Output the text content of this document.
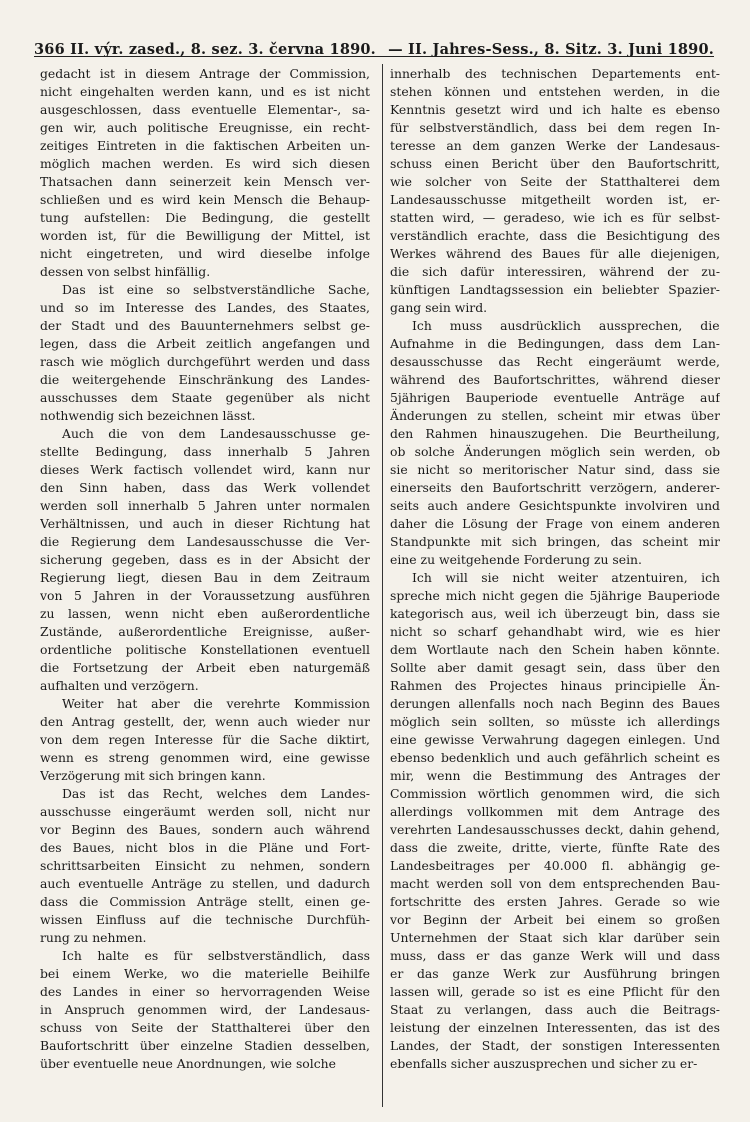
366 II. výr. zased., 8. sez. 3. června 1890. — II. Jahres-Sess., 8. Sitz. 3. Juni 1890.

gedacht ist in diesem Antrage der Commission,
nicht eingehalten werden kann, und es ist nicht
ausgeschlossen, dass eventuelle Elementar-, sa-
gen wir, auch politische Ereugnisse, ein recht-
zeitiges Eintreten in die faktischen Arbeiten un-
möglich machen werden. Es wird sich diesen
Thatsachen dann seinerzeit kein Mensch ver-
schließen und es wird kein Mensch die Behaup-
tung aufstellen: Die Bedingung, die gestellt
worden ist, für die Bewilligung der Mittel, ist
nicht eingetreten, und wird dieselbe infolge
dessen von selbst hinfällig.

Das ist eine so selbstverständliche Sache,
und so im Interesse des Landes, des Staates,
der Stadt und des Bauunternehmers selbst ge-
legen, dass die Arbeit zeitlich angefangen und
rasch wie möglich durchgeführt werden und dass
die weitergehende Einschränkung des Landes-
ausschusses dem Staate gegenüber als nicht
nothwendig sich bezeichnen lässt.

Auch die von dem Landesausschusse ge-
stellte Bedingung, dass innerhalb 5 Jahren
dieses Werk factisch vollendet wird, kann nur
den Sinn haben, dass das Werk vollendet
werden soll innerhalb 5 Jahren unter normalen
Verhältnissen, und auch in dieser Richtung hat
die Regierung dem Landesausschusse die Ver-
sicherung gegeben, dass es in der Absicht der
Regierung liegt, diesen Bau in dem Zeitraum
von 5 Jahren in der Voraussetzung ausführen
zu lassen, wenn nicht eben außerordentliche
Zustände, außerordentliche Ereignisse, außer-
ordentliche politische Konstellationen eventuell
die Fortsetzung der Arbeit eben naturgemäß
aufhalten und verzögern.

Weiter hat aber die verehrte Kommission
den Antrag gestellt, der, wenn auch wieder nur
von dem regen Interesse für die Sache diktirt,
wenn es streng genommen wird, eine gewisse
Verzögerung mit sich bringen kann.

Das ist das Recht, welches dem Landes-
ausschusse eingeräumt werden soll, nicht nur
vor Beginn des Baues, sondern auch während
des Baues, nicht blos in die Pläne und Fort-
schrittsarbeiten Einsicht zu nehmen, sondern
auch eventuelle Anträge zu stellen, und dadurch
dass die Commission Anträge stellt, einen ge-
wissen Einfluss auf die technische Durchfüh-
rung zu nehmen.

Ich halte es für selbstverständlich, dass
bei einem Werke, wo die materielle Beihilfe
des Landes in einer so hervorragenden Weise
in Anspruch genommen wird, der Landesaus-
schuss von Seite der Statthalterei über den
Baufortschritt über einzelne Stadien desselben,
über eventuelle neue Anordnungen, wie solche

innerhalb des technischen Departements ent-
stehen können und entstehen werden, in die
Kenntnis gesetzt wird und ich halte es ebenso
für selbstverständlich, dass bei dem regen In-
teresse an dem ganzen Werke der Landesaus-
schuss einen Bericht über den Baufortschritt,
wie solcher von Seite der Statthalterei dem
Landesausschusse mitgetheilt worden ist, er-
statten wird, — geradeso, wie ich es für selbst-
verständlich erachte, dass die Besichtigung des
Werkes während des Baues für alle diejenigen,
die sich dafür interessiren, während der zu-
künftigen Landtagssession ein beliebter Spazier-
gang sein wird.

Ich muss ausdrücklich aussprechen, die
Aufnahme in die Bedingungen, dass dem Lan-
desausschusse das Recht eingeräumt werde,
während des Baufortschrittes, während dieser
5jährigen Bauperiode eventuelle Anträge auf
Änderungen zu stellen, scheint mir etwas über
den Rahmen hinauszugehen. Die Beurtheilung,
ob solche Änderungen möglich sein werden, ob
sie nicht so meritorischer Natur sind, dass sie
einerseits den Baufortschritt verzögern, anderer-
seits auch andere Gesichtspunkte involviren und
daher die Lösung der Frage von einem anderen
Standpunkte mit sich bringen, das scheint mir
eine zu weitgehende Forderung zu sein.

Ich will sie nicht weiter atzentuiren, ich
spreche mich nicht gegen die 5jährige Bauperiode
kategorisch aus, weil ich überzeugt bin, dass sie
nicht so scharf gehandhabt wird, wie es hier
dem Wortlaute nach den Schein haben könnte.
Sollte aber damit gesagt sein, dass über den
Rahmen des Projectes hinaus principielle Än-
derungen allenfalls noch nach Beginn des Baues
möglich sein sollten, so müsste ich allerdings
eine gewisse Verwahrung dagegen einlegen. Und
ebenso bedenklich und auch gefährlich scheint es
mir, wenn die Bestimmung des Antrages der
Commission wörtlich genommen wird, die sich
allerdings vollkommen mit dem Antrage des
verehrten Landesausschusses deckt, dahin gehend,
dass die zweite, dritte, vierte, fünfte Rate des
Landesbeitrages per 40.000 fl. abhängig ge-
macht werden soll von dem entsprechenden Bau-
fortschritte des ersten Jahres. Gerade so wie
vor Beginn der Arbeit bei einem so großen
Unternehmen der Staat sich klar darüber sein
muss, dass er das ganze Werk will und dass
er das ganze Werk zur Ausführung bringen
lassen will, gerade so ist es eine Pflicht für den
Staat zu verlangen, dass auch die Beitrags-
leistung der einzelnen Interessenten, das ist des
Landes, der Stadt, der sonstigen Interessenten
ebenfalls sicher auszusprechen und sicher zu er-
